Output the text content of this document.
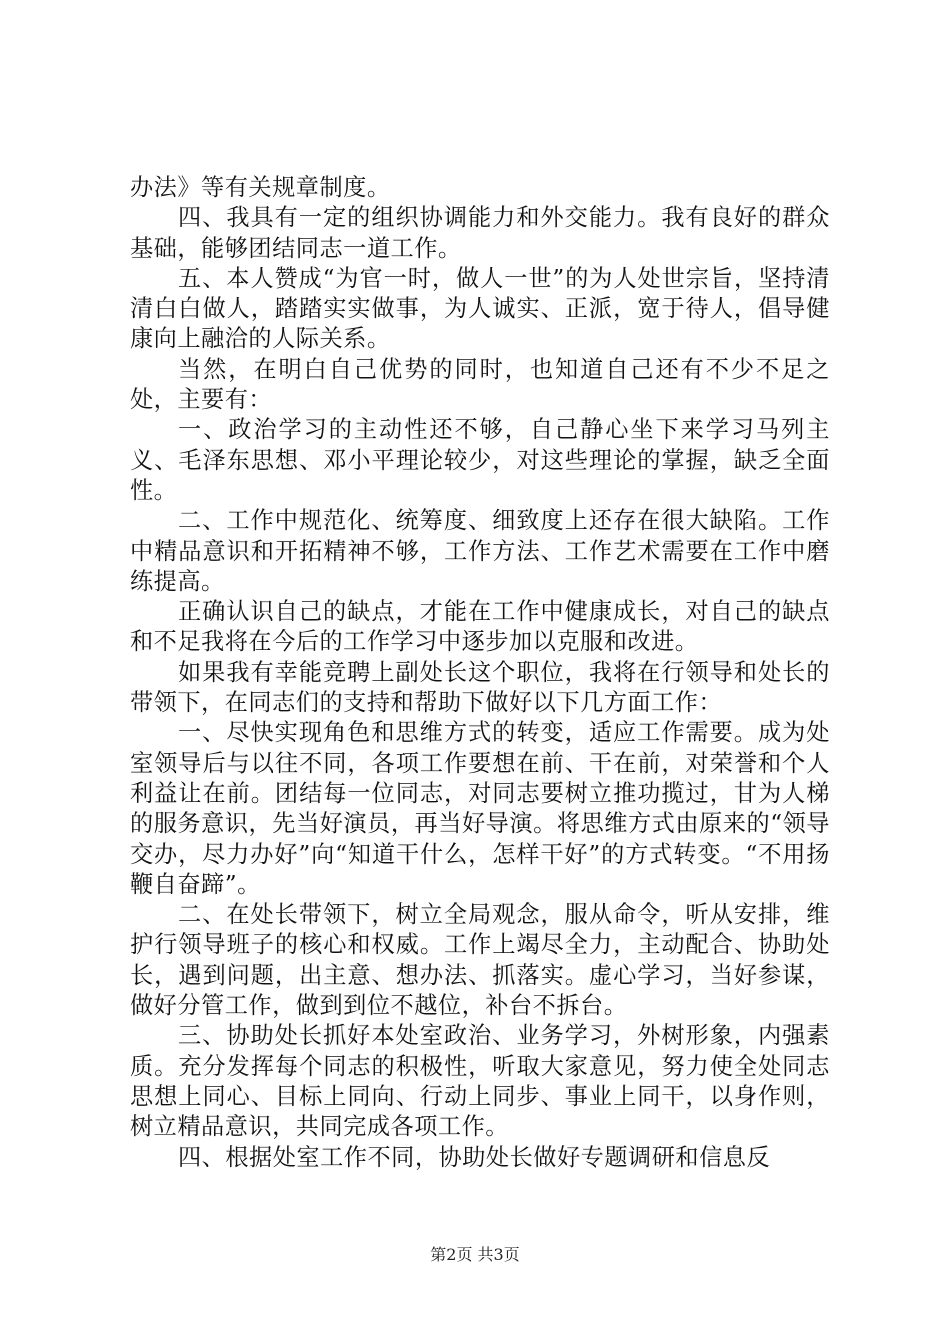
办法》等有关规章制度。

四、我具有一定的组织协调能力和外交能力。我有良好的群众基础，能够团结同志一道工作。

五、本人赞成“为官一时，做人一世”的为人处世宗旨，坚持清清白白做人，踏踏实实做事，为人诚实、正派，宽于待人，倡导健康向上融洽的人际关系。

当然，在明白自己优势的同时，也知道自己还有不少不足之处，主要有：

一、政治学习的主动性还不够，自己静心坐下来学习马列主义、毛泽东思想、邓小平理论较少，对这些理论的掌握，缺乏全面性。

二、工作中规范化、统筹度、细致度上还存在很大缺陷。工作中精品意识和开拓精神不够，工作方法、工作艺术需要在工作中磨练提高。

正确认识自己的缺点，才能在工作中健康成长，对自己的缺点和不足我将在今后的工作学习中逐步加以克服和改进。

如果我有幸能竞聘上副处长这个职位，我将在行领导和处长的带领下，在同志们的支持和帮助下做好以下几方面工作：

一、尽快实现角色和思维方式的转变，适应工作需要。成为处室领导后与以往不同，各项工作要想在前、干在前，对荣誉和个人利益让在前。团结每一位同志，对同志要树立推功揽过，甘为人梯的服务意识，先当好演员，再当好导演。将思维方式由原来的“领导交办，尽力办好”向“知道干什么，怎样干好”的方式转变。“不用扬鞭自奋蹄”。

二、在处长带领下，树立全局观念，服从命令，听从安排，维护行领导班子的核心和权威。工作上竭尽全力，主动配合、协助处长，遇到问题，出主意、想办法、抓落实。虚心学习，当好参谋，做好分管工作，做到到位不越位，补台不拆台。

三、协助处长抓好本处室政治、业务学习，外树形象，内强素质。充分发挥每个同志的积极性，听取大家意见，努力使全处同志思想上同心、目标上同向、行动上同步、事业上同干，以身作则，树立精品意识，共同完成各项工作。

四、根据处室工作不同，协助处长做好专题调研和信息反

第2页 共3页
